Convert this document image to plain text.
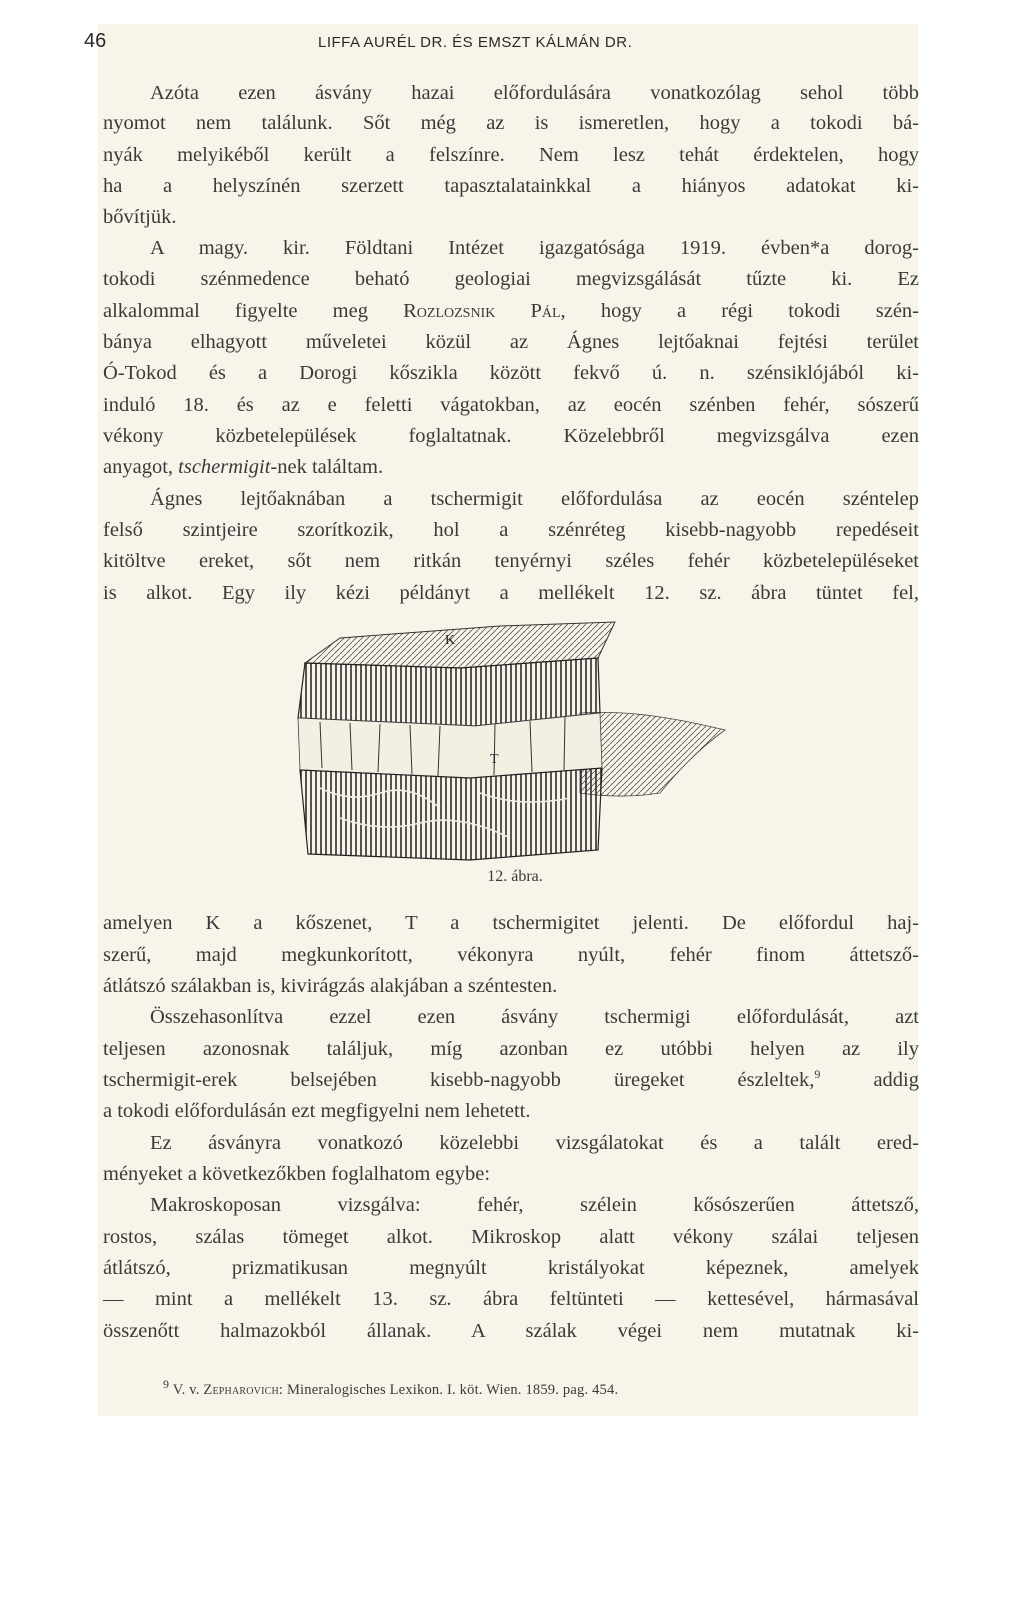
46	LIFFA AURÉL DR. ÉS EMSZT KÁLMÁN DR.
Azóta ezen ásvány hazai előfordulására vonatkozólag sehol több
nyomot nem találunk. Sőt még az is ismeretlen, hogy a tokodi bá-
nyák melyikéből került a felszínre. Nem lesz tehát érdektelen, hogy
ha a helyszínén szerzett tapasztalatainkkal a hiányos adatokat ki-
bővítjük.
A magy. kir. Földtani Intézet igazgatósága 1919. évben*a dorog-
tokodi szénmedence beható geologiai megvizsgálását tűzte ki. Ez
alkalommal figyelte meg Rozlozsnik Pál, hogy a régi tokodi szén-
bánya elhagyott műveletei közül az Ágnes lejtőaknai fejtési terület
Ó-Tokod és a Dorogi kőszikla között fekvő ú. n. szénsiklójából ki-
induló 18. és az e feletti vágatokban, az eocén szénben fehér, sószerű
vékony közbetelepülések foglaltatnak. Közelebbről megvizsgálva ezen
anyagot, tschermigit-nek találtam.
Ágnes lejtőaknában a tschermigit előfordulása az eocén széntelep
felső szintjeire szorítkozik, hol a szénréteg kisebb-nagyobb repedéseit
kitöltve ereket, sőt nem ritkán tenyérnyi széles fehér közbetelepüléseket
is alkot. Egy ily kézi példányt a mellékelt 12. sz. ábra tüntet fel,
amelyen K a kőszenet, T a tschermigitet jelenti. De előfordul haj-
szerű, majd megkunkorított, vékonyra nyúlt, fehér finom áttetsző-
átlátszó szálakban is, kivirágzás alakjában a széntesten.
Összehasonlítva ezzel ezen ásvány tschermigi előfordulását, azt
teljesen azonosnak találjuk, míg azonban ez utóbbi helyen az ily
tschermigit-erek belsejében kisebb-nagyobb üregeket észleltek,$^9$ addig
a tokodi előfordulásán ezt megfigyelni nem lehetett.
Ez ásványra vonatkozó közelebbi vizsgálatokat és a talált ered-
ményeket a következőkben foglalhatom egybe:
Makroskoposan vizsgálva: fehér, szélein kősószerűen áttetsző,
rostos, szálas tömeget alkot. Mikroskop alatt vékony szálai teljesen
átlátszó, prizmatikusan megnyúlt kristályokat képeznek, amelyek
— mint a mellékelt 13. sz. ábra feltünteti — kettesével, hármasával
összenőtt halmazokból állanak. A szálak végei nem mutatnak ki-
K
T
12. ábra.
$^9$ V. v. Zepharovich: Mineralogisches Lexikon. I. köt. Wien. 1859. pag. 454.
